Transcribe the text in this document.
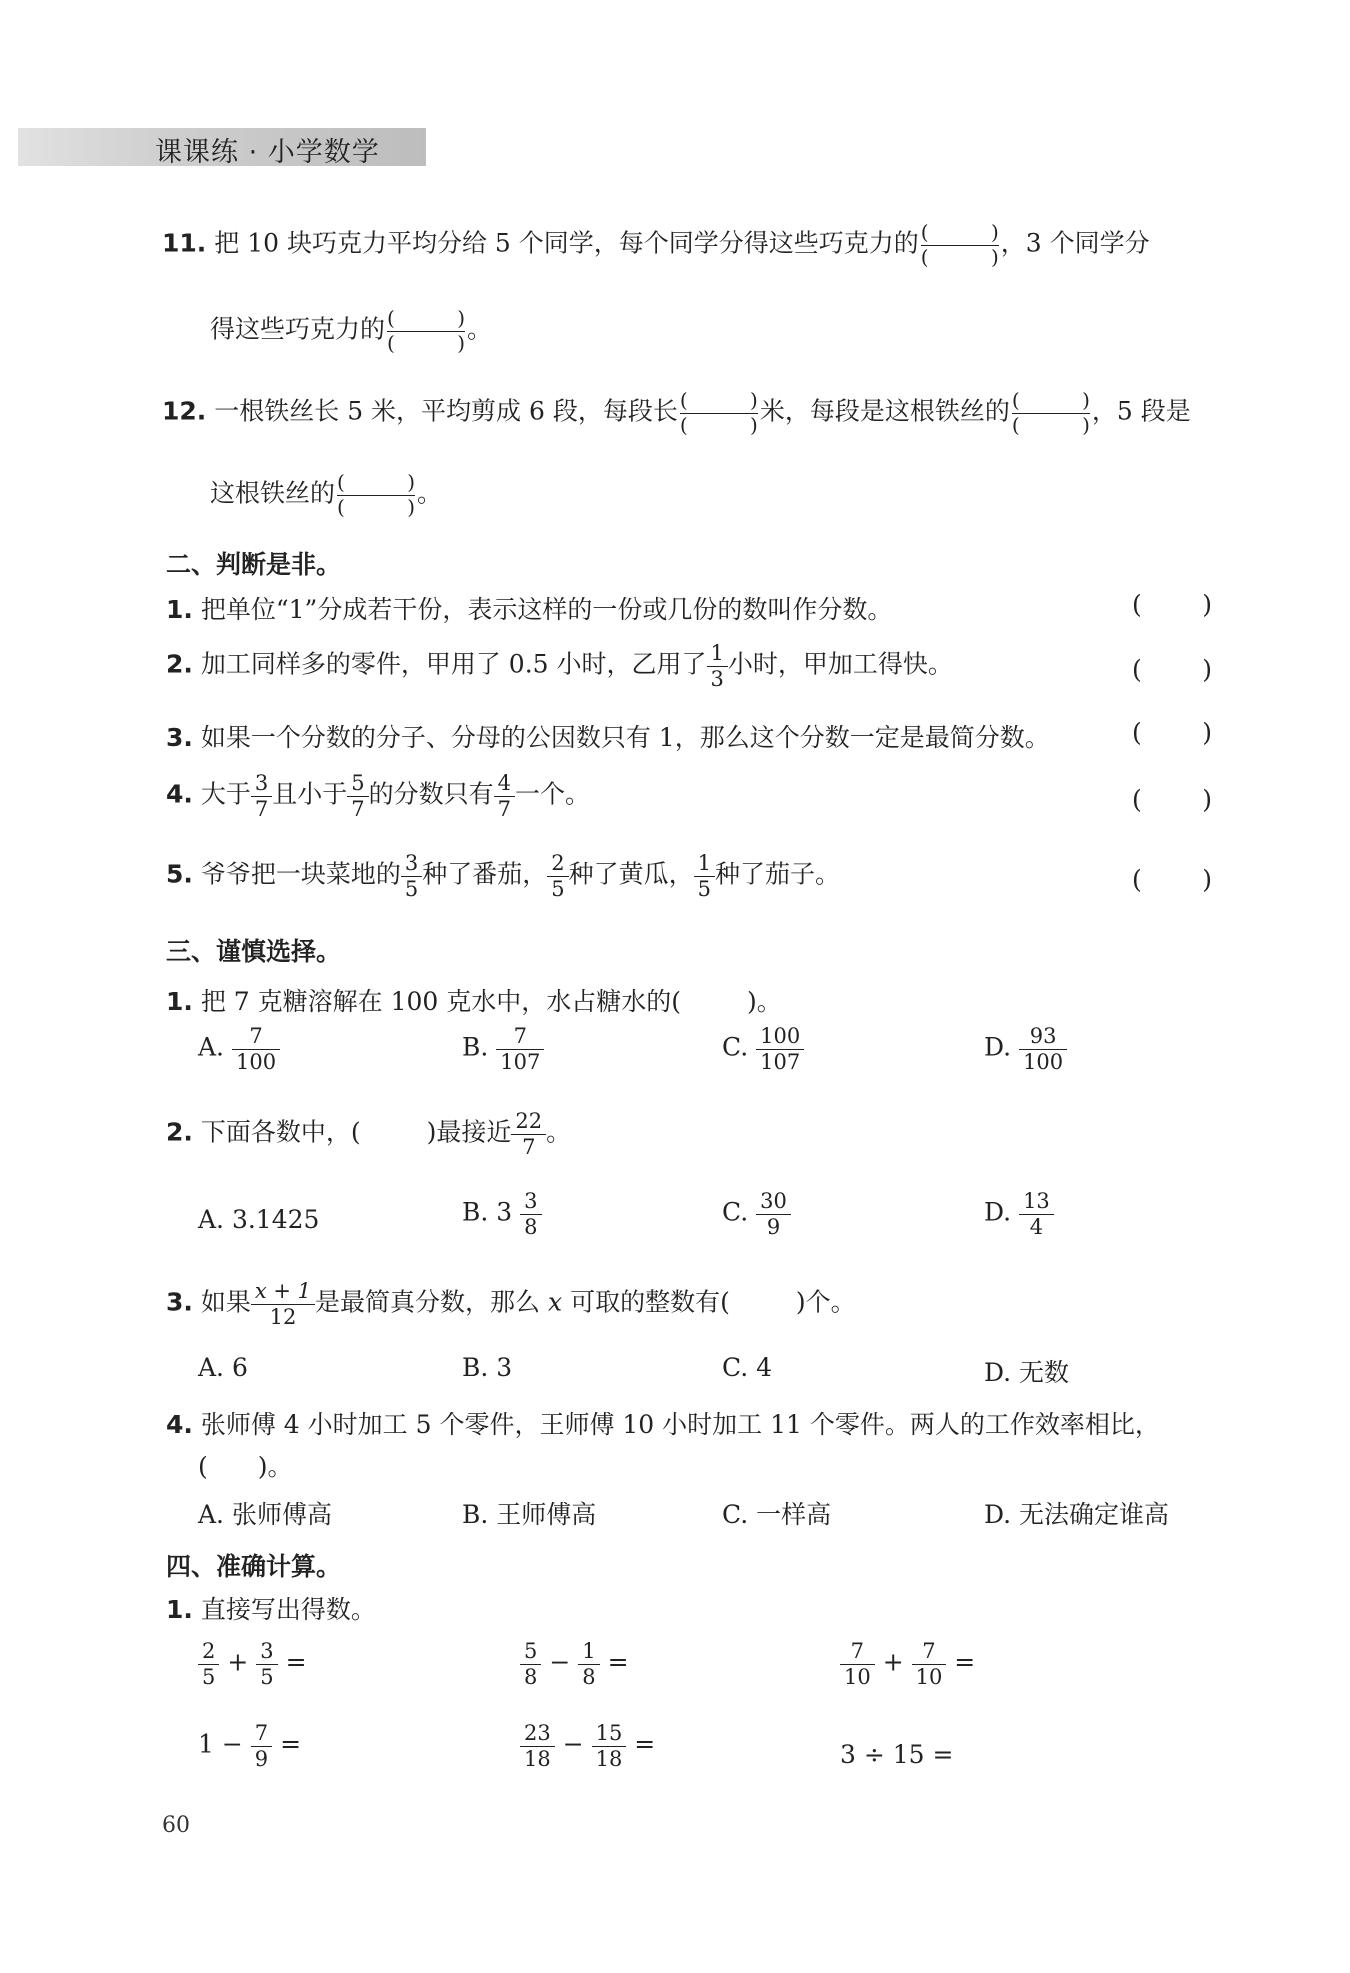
课课练 · 小学数学
11. 把 10 块巧克力平均分给 5 个同学，每个同学分得这些巧克力的 (	)
(	) ，3 个同学分
得这些巧克力的 (	)
(	) 。
12. 一根铁丝长 5 米，平均剪成 6 段，每段长 (	)
(	) 米，每段是这根铁丝的 (	)
(	) ，5 段是
这根铁丝的 (	)
(	) 。
二、判断是非。
1. 把单位“1”分成若干份，表示这样的一份或几份的数叫作分数。	( )
2. 加工同样多的零件，甲用了 0.5 小时，乙用了 $\frac{1}{3}$ 小时，甲加工得快。	( )
3. 如果一个分数的分子、分母的公因数只有 1，那么这个分数一定是最简分数。	( )
4. 大于 $\frac{3}{7}$ 且小于 $\frac{5}{7}$ 的分数只有 $\frac{4}{7}$ 一个。	( )
5. 爷爷把一块菜地的 $\frac{3}{5}$ 种了番茄， $\frac{2}{5}$ 种了黄瓜， $\frac{1}{5}$ 种了茄子。	( )
三、谨慎选择。
1. 把 7 克糖溶解在 100 克水中，水占糖水的(	)。
A. $\frac{7}{100}$	B. $\frac{7}{107}$	C. $\frac{100}{107}$	D. $\frac{93}{100}$
2. 下面各数中，(	)最接近 $\frac{22}{7}$ 。
A. 3.1425	B. $3 \frac{3}{8}$	C. $\frac{30}{9}$	D. $\frac{13}{4}$
3. 如果 $\frac{x + 1}{12}$ 是最简真分数，那么 x 可取的整数有(	)个。
A. 6	B. 3	C. 4	D. 无数
4. 张师傅 4 小时加工 5 个零件，王师傅 10 小时加工 11 个零件。两人的工作效率相比，
(　　)。
A. 张师傅高	B. 王师傅高	C. 一样高	D. 无法确定谁高
四、准确计算。
1. 直接写出得数。
$\frac{2}{5} + \frac{3}{5}$ =	$\frac{5}{8} - \frac{1}{8}$ =	$\frac{7}{10} + \frac{7}{10}$ =
$1 - \frac{7}{9}$ =	$\frac{23}{18} - \frac{15}{18}$ =	3 ÷ 15 =
60
